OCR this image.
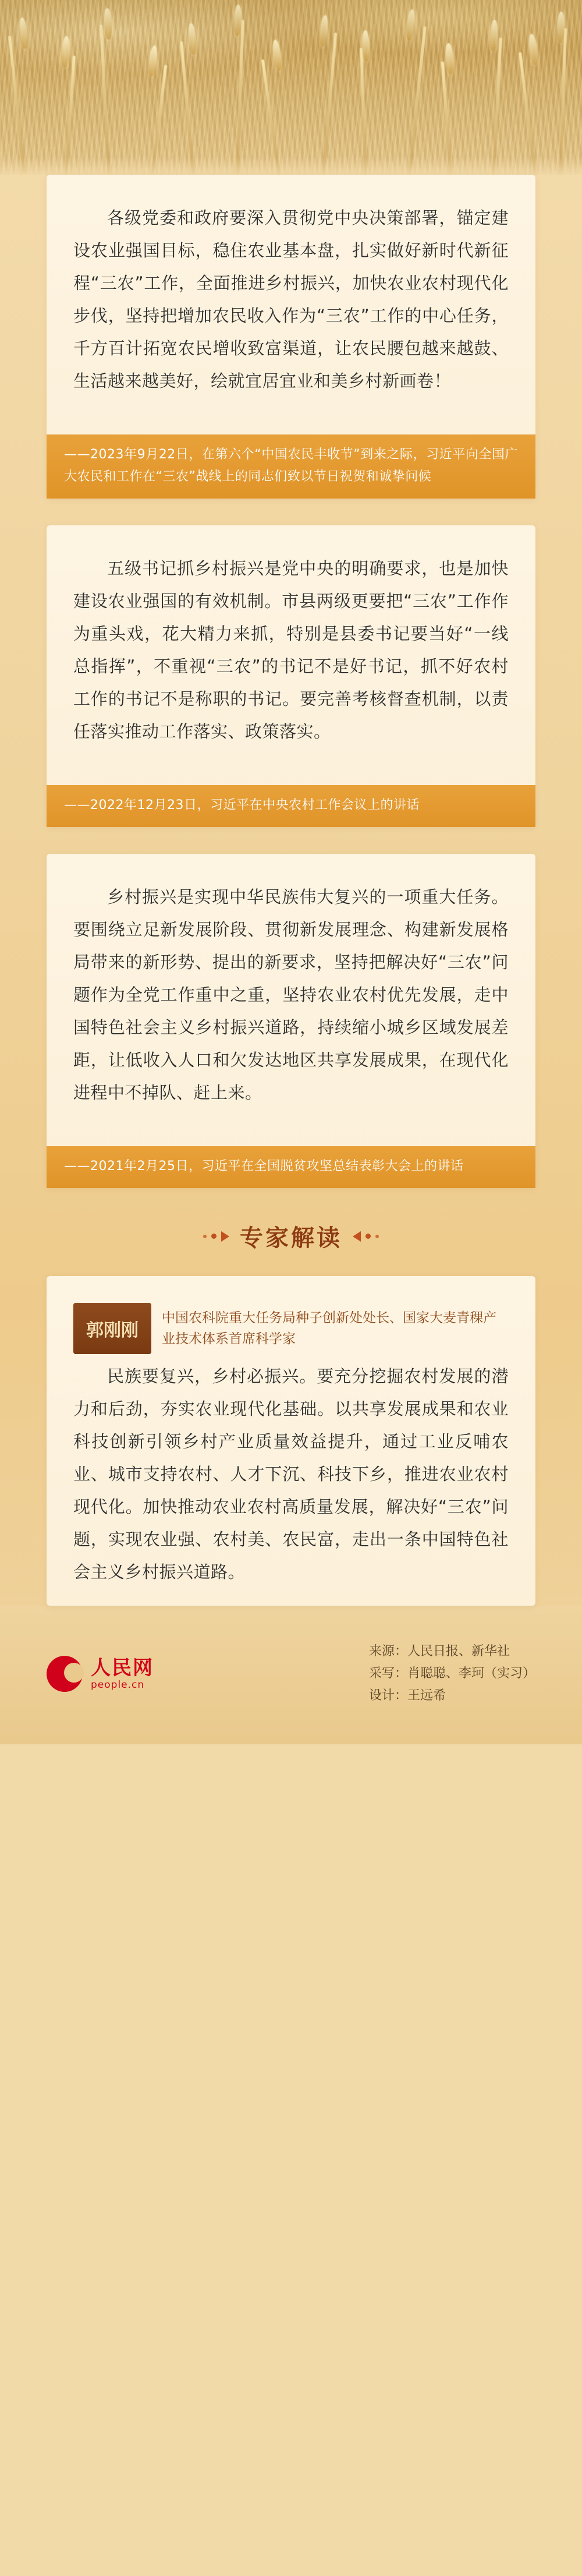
各级党委和政府要深入贯彻党中央决策部署，锚定建设农业强国目标，稳住农业基本盘，扎实做好新时代新征程“三农”工作，全面推进乡村振兴，加快农业农村现代化步伐，坚持把增加农民收入作为“三农”工作的中心任务，千方百计拓宽农民增收致富渠道，让农民腰包越来越鼓、生活越来越美好，绘就宜居宜业和美乡村新画卷！

——2023年9月22日，在第六个“中国农民丰收节”到来之际，习近平向全国广大农民和工作在“三农”战线上的同志们致以节日祝贺和诚挚问候

五级书记抓乡村振兴是党中央的明确要求，也是加快建设农业强国的有效机制。市县两级更要把“三农”工作作为重头戏，花大精力来抓，特别是县委书记要当好“一线总指挥”，不重视“三农”的书记不是好书记，抓不好农村工作的书记不是称职的书记。要完善考核督查机制，以责任落实推动工作落实、政策落实。

——2022年12月23日，习近平在中央农村工作会议上的讲话

乡村振兴是实现中华民族伟大复兴的一项重大任务。要围绕立足新发展阶段、贯彻新发展理念、构建新发展格局带来的新形势、提出的新要求，坚持把解决好“三农”问题作为全党工作重中之重，坚持农业农村优先发展，走中国特色社会主义乡村振兴道路，持续缩小城乡区域发展差距，让低收入人口和欠发达地区共享发展成果，在现代化进程中不掉队、赶上来。

——2021年2月25日，习近平在全国脱贫攻坚总结表彰大会上的讲话
专家解读
郭刚刚
中国农科院重大任务局种子创新处处长、国家大麦青稞产业技术体系首席科学家

民族要复兴，乡村必振兴。要充分挖掘农村发展的潜力和后劲，夯实农业现代化基础。以共享发展成果和农业科技创新引领乡村产业质量效益提升，通过工业反哺农业、城市支持农村、人才下沉、科技下乡，推进农业农村现代化。加快推动农业农村高质量发展，解决好“三农”问题，实现农业强、农村美、农民富，走出一条中国特色社会主义乡村振兴道路。

人民网
people.cn
来源：人民日报、新华社
采写：肖聪聪、李珂（实习）
设计：王远希
